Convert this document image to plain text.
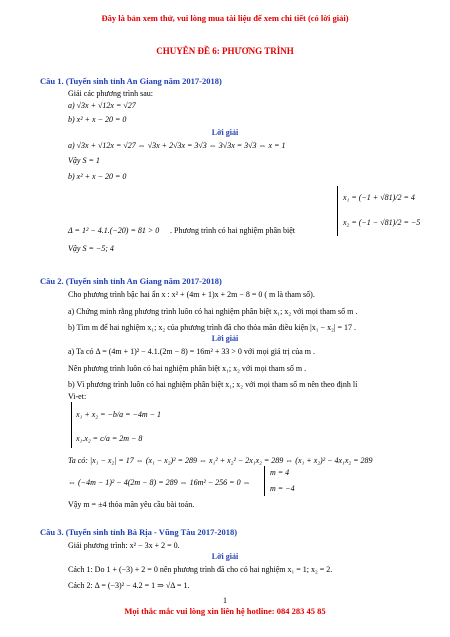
Đây là bản xem thử, vui lòng mua tài liệu để xem chi tiết (có lời giải)
CHUYÊN ĐỀ 6: PHƯƠNG TRÌNH
Câu 1. (Tuyển sinh tỉnh An Giang năm 2017-2018)
Giải các phương trình sau:
a) √3x + √12x = √27
b) x² + x − 20 = 0
Lời giải
a) √3x + √12x = √27 ⇔ √3x + 2√3x = 3√3 ⇔ 3√3x = 3√3 ⇔ x = 1
Vậy S = 1
b) x² + x − 20 = 0
x₁ = (−1 + √81)/2 = 4
x₂ = (−1 − √81)/2 = −5
Δ = 1² − 4.1.(−20) = 81 > 0 . Phương trình có hai nghiệm phân biệt
Vậy S = −5; 4
Câu 2. (Tuyển sinh tỉnh An Giang năm 2017-2018)
Cho phương trình bậc hai ẩn x : x² + (4m + 1)x + 2m − 8 = 0 ( m là tham số).
a) Chứng minh rằng phương trình luôn có hai nghiệm phân biệt x₁; x₂ với mọi tham số m .
b) Tìm m để hai nghiệm x₁; x₂ của phương trình đã cho thỏa mãn điều kiện |x₁ − x₂| = 17 .
Lời giải
a) Ta có Δ = (4m + 1)² − 4.1.(2m − 8) = 16m² + 33 > 0 với mọi giá trị của m .
Nên phương trình luôn có hai nghiệm phân biệt x₁; x₂ với mọi tham số m .
b) Vì phương trình luôn có hai nghiệm phân biệt x₁; x₂ với mọi tham số m nên theo định lí
Vi-et:
x₁ + x₂ = −b/a = −4m − 1
x₁.x₂ = c/a = 2m − 8
Ta có: |x₁ − x₂| = 17 ⇔ (x₁ − x₂)² = 289 ⇔ x₁² + x₂² − 2x₁x₂ = 289 ⇔ (x₁ + x₂)² − 4x₁x₂ = 289
⇔ (−4m − 1)² − 4(2m − 8) = 289 ⇔ 16m² − 256 = 0 ⇔
m = 4
m = −4
Vậy m = ±4 thỏa mãn yêu cầu bài toán.
Câu 3. (Tuyển sinh tỉnh Bà Rịa - Vũng Tàu 2017-2018)
Giải phương trình: x² − 3x + 2 = 0.
Lời giải
Cách 1: Do 1 + (−3) + 2 = 0 nên phương trình đã cho có hai nghiệm x₁ = 1; x₂ = 2.
Cách 2: Δ = (−3)² − 4.2 = 1 ⇒ √Δ = 1.
1
Mọi thắc mắc vui lòng xin liên hệ hotline: 084 283 45 85
